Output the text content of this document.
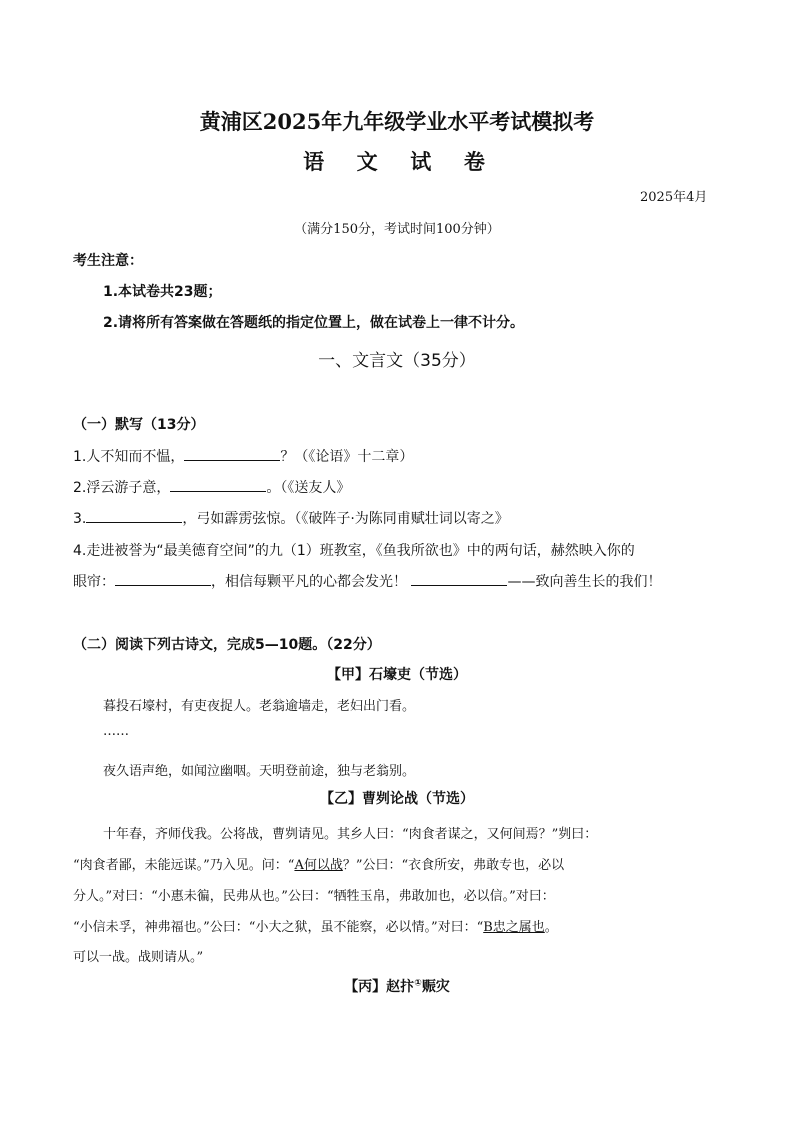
黄浦区2025年九年级学业水平考试模拟考
语  文  试  卷
2025年4月
（满分150分，考试时间100分钟）
考生注意：
1.本试卷共23题；
2.请将所有答案做在答题纸的指定位置上，做在试卷上一律不计分。
一、文言文（35分）
（一）默写（13分）
1.人不知而不愠，	？（《论语》十二章）
2.浮云游子意，	。（《送友人》
3.	，弓如霹雳弦惊。（《破阵子·为陈同甫赋壮词以寄之》
4.走进被誉为“最美德育空间”的九（1）班教室，《鱼我所欲也》中的两句话，赫然映入你的
眼帘：	，相信每颗平凡的心都会发光！	——致向善生长的我们！
（二）阅读下列古诗文，完成5—10题。（22分）
【甲】石壕吏（节选）
暮投石壕村，有吏夜捉人。老翁逾墙走，老妇出门看。
……
夜久语声绝，如闻泣幽咽。天明登前途，独与老翁别。
【乙】曹刿论战（节选）
十年春，齐师伐我。公将战，曹刿请见。其乡人曰：“肉食者谋之，又何间焉？”刿曰：
“肉食者鄙，未能远谋。”乃入见。问：“A何以战？”公曰：“衣食所安，弗敢专也，必以
分人。”对曰：“小惠未徧，民弗从也。”公曰：“牺牲玉帛，弗敢加也，必以信。”对曰：
“小信未孚，神弗福也。”公曰：“小大之狱，虽不能察，必以情。”对曰：“B忠之属也。
可以一战。战则请从。”
【丙】赵抃①赈灾
